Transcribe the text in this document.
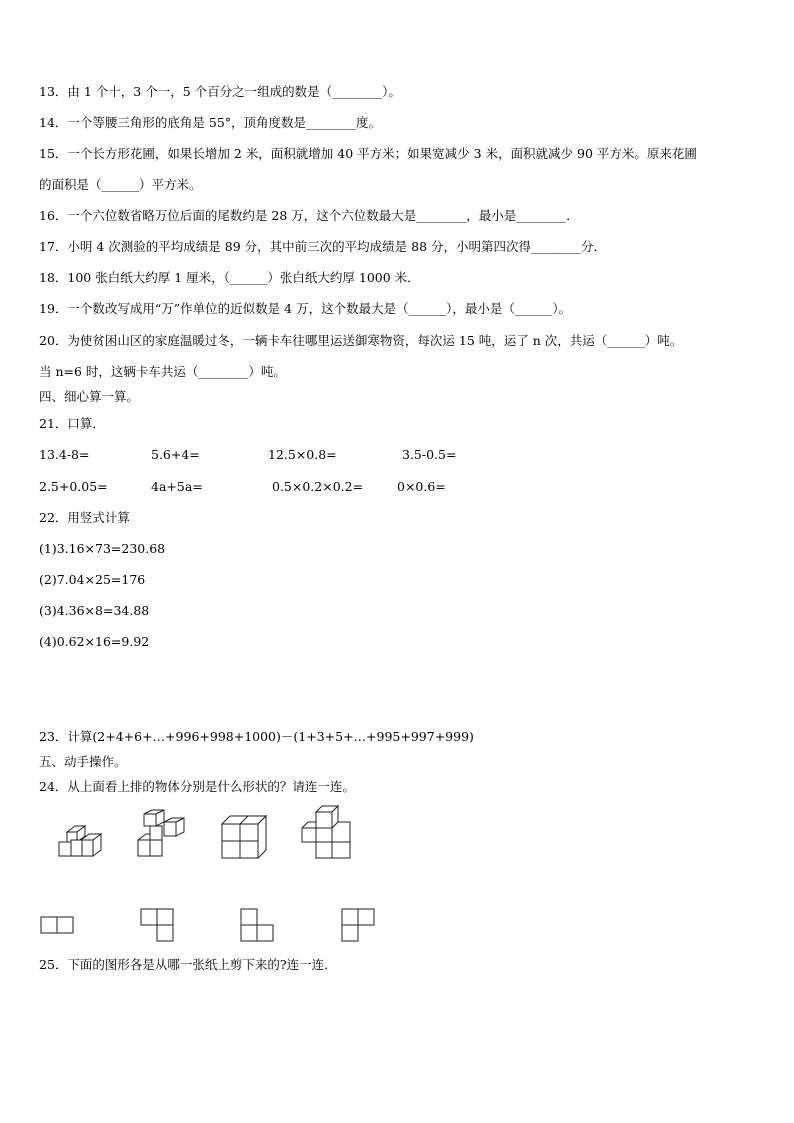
13．由 1 个十，3 个一，5 个百分之一组成的数是（________）。
14．一个等腰三角形的底角是 55°，顶角度数是________度。
15．一个长方形花圃，如果长增加 2 米，面积就增加 40 平方米；如果宽减少 3 米，面积就减少 90 平方米。原来花圃
的面积是（______）平方米。
16．一个六位数省略万位后面的尾数约是 28 万，这个六位数最大是________，最小是________．
17．小明 4 次测验的平均成绩是 89 分，其中前三次的平均成绩是 88 分，小明第四次得________分．
18．100 张白纸大约厚 1 厘米，（______）张白纸大约厚 1000 米．
19．一个数改写成用“万”作单位的近似数是 4 万，这个数最大是（______），最小是（______）。
20．为使贫困山区的家庭温暖过冬，一辆卡车往哪里运送御寒物资，每次运 15 吨，运了 n 次，共运（______）吨。
当 n=6 时，这辆卡车共运（________）吨。
四、细心算一算。
21．口算．
13.4-8=	5.6+4=	12.5×0.8=	3.5-0.5=
2.5+0.05=	4a+5a=	0.5×0.2×0.2=	0×0.6=
22．用竖式计算
(1)3.16×73=230.68
(2)7.04×25=176
(3)4.36×8=34.88
(4)0.62×16=9.92
23．计算(2+4+6+…+996+998+1000)－(1+3+5+…+995+997+999)
五、动手操作。
24．从上面看上排的物体分别是什么形状的？请连一连。
25．下面的图形各是从哪一张纸上剪下来的?连一连．
